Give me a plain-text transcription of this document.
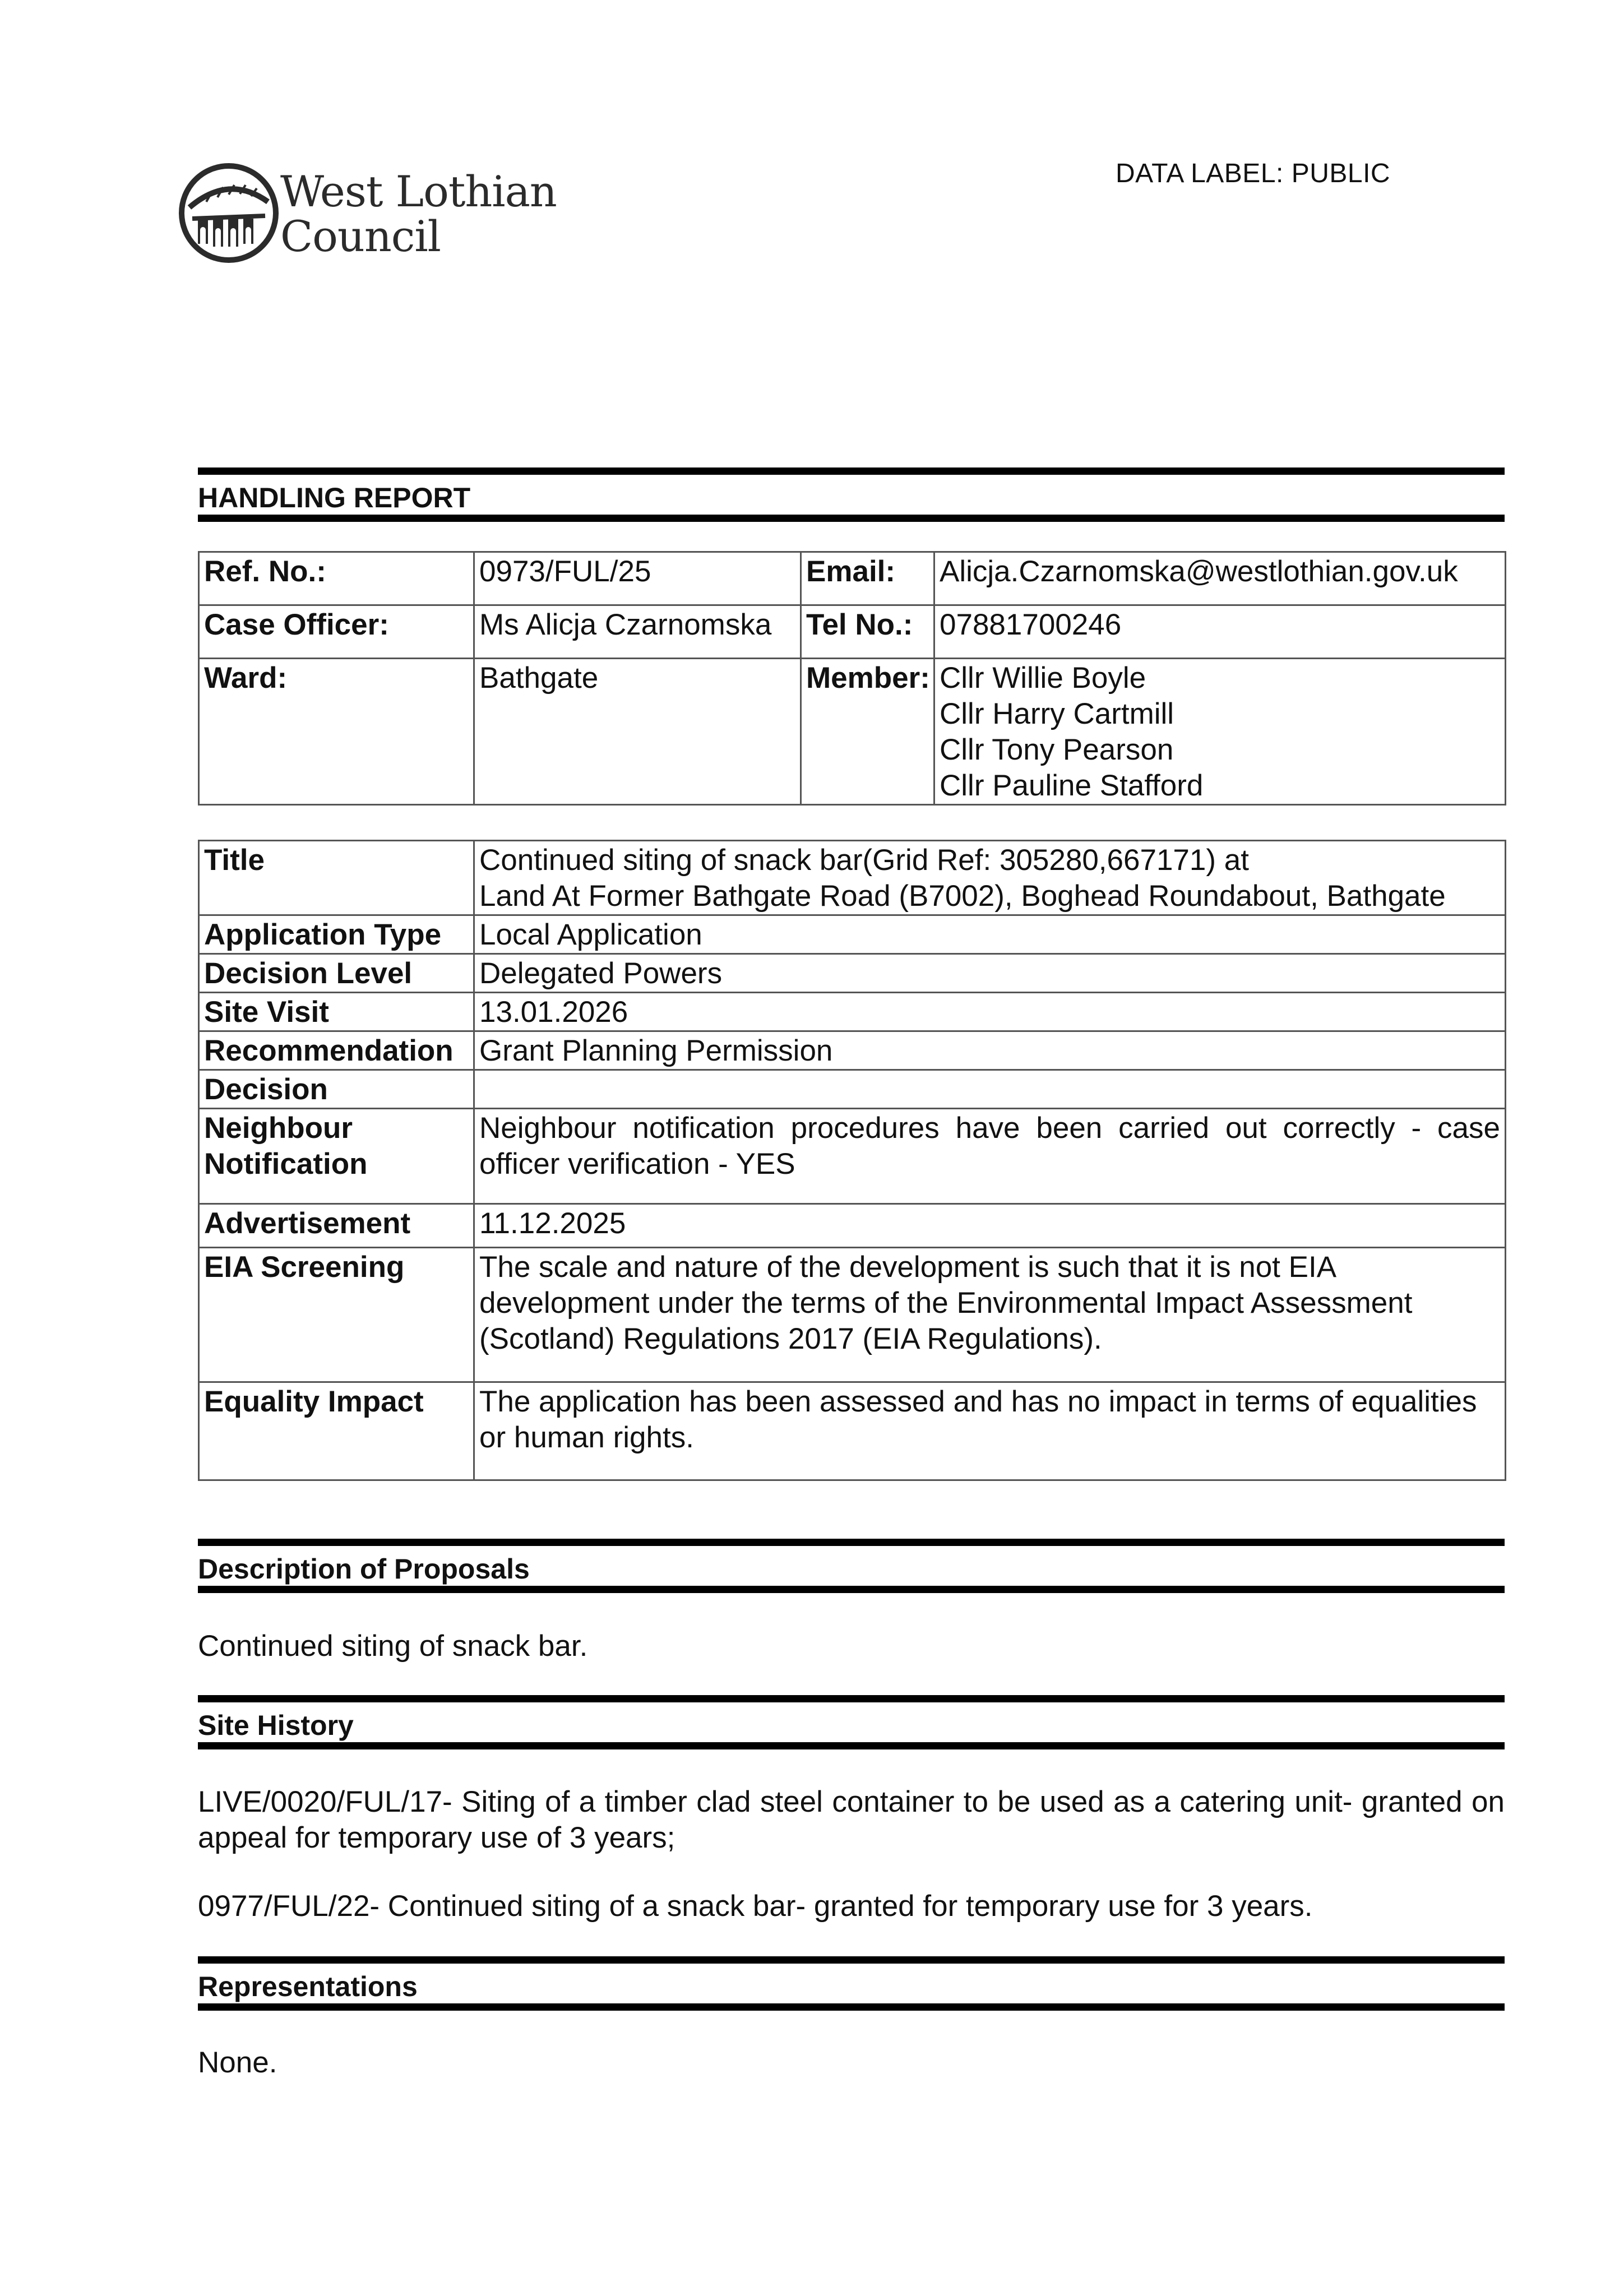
West Lothian
Council
DATA LABEL: PUBLIC
HANDLING REPORT
Ref. No.:	0973/FUL/25	Email:	Alicja.Czarnomska@westlothian.gov.uk
Case Officer:	Ms Alicja Czarnomska	Tel No.:	07881700246
Ward:	Bathgate	Member:	Cllr Willie Boyle
Cllr Harry Cartmill
Cllr Tony Pearson
Cllr Pauline Stafford
Title	Continued siting of snack bar(Grid Ref: 305280,667171) at
Land At Former Bathgate Road (B7002), Boghead Roundabout, Bathgate

Application Type	Local Application
Decision Level	Delegated Powers
Site Visit	13.01.2026
Recommendation	Grant Planning Permission
Decision	

Neighbour
Notification	Neighbour notification procedures have been carried out correctly - case officer verification - YES
Advertisement	11.12.2025
EIA Screening	The scale and nature of the development is such that it is not EIA
development under the terms of the Environmental Impact Assessment
(Scotland) Regulations 2017 (EIA Regulations).

Equality Impact	The application has been assessed and has no impact in terms of equalities or human rights.
Description of Proposals
Continued siting of snack bar.
Site History
LIVE/0020/FUL/17- Siting of a timber clad steel container to be used as a catering unit- granted on appeal for temporary use of 3 years;
0977/FUL/22- Continued siting of a snack bar- granted for temporary use for 3 years.
Representations
None.
